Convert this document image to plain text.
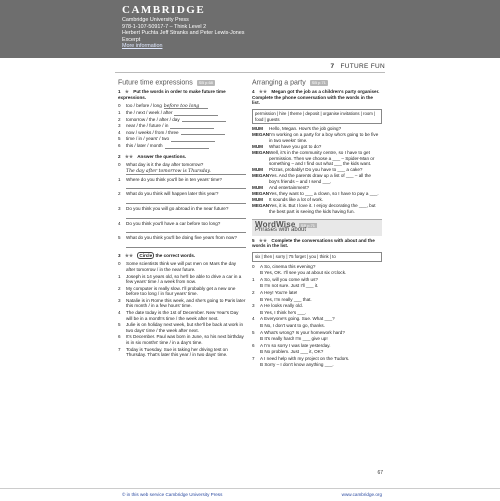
CAMBRIDGE
Cambridge University Press
978-1-107-50917-7 – Think Level 2
Herbert Puchta Jeff Stranks and Peter Lewis-Jones
Excerpt
More information
7 FUTURE FUN
Future time expressions SB p.68
1 ★ Put the words in order to make future time expressions.
0	too / before / long before too long
1	the / next / week / after
2	tomorrow / the / after / day
3	near / the / future / in
4	now / weeks / from / three
5	time / in / years' / two
6	this / later / month
2 ★★ Answer the questions.
0	What day is it the day after tomorrow?
The day after tomorrow is Thursday.
1	Where do you think you'll be in ten years' time?
2	What do you think will happen later this year?
3	Do you think you will go abroad in the near future?
4	Do you think you'll have a car before too long?
5	What do you think you'll be doing five years from now?
3 ★★ Circle the correct words.
0	Some scientists think we will put men on Mars the day after tomorrow / in the near future.
1	Joseph is 14 years old, so he'll be able to drive a car in a few years' time / a week from now.
2	My computer is really slow. I'll probably get a new one before too long / in four years' time.
3	Natalie is in Rome this week, and she's going to Paris later this month / in a few hours' time.
4	The date today is the 1st of December. New Year's Day will be in a month's time / the week after next.
5	Julie is on holiday next week, but she'll be back at work in two days' time / the week after next.
6	It's December. Paul was born in June, so his next birthday is in six months' time / in a day's time.
7	Today is Tuesday. Sue is taking her driving test on Thursday. That's later this year / in two days' time.
Arranging a party SB p.71
4 ★★ Megan got the job as a children's party organiser. Complete the phone conversation with the words in the list.
permission | hire | theme | deposit | organise invitations | room | food | guests
MUM	Hello, Megan. How's the job going?
MEGAN I'm working on a party for a boy who's going to be five in two weeks' time.
MUM	What have you got to do?
MEGAN Well, it's in the community centre, so I have to get permission. Then we choose a ___ – Spider-Man or something – and I find out what ___ the kids want.
MUM	Pizzas, probably! Do you have to ___ a cake?
MEGAN Yes. And the parents draw up a list of ___ – all the boy's friends – and I send ___.
MUM	And entertainment?
MEGAN Yes, they want to ___ a clown, so I have to pay a ___.
MUM	It sounds like a lot of work.
MEGAN Yes, it is. But I love it. I enjoy decorating the ___, but the best part is seeing the kids having fun.
WordWise SB p.71
Phrases with about
5 ★★ Complete the conversations with about and the words in the list.
six | then | sorry | 75 forget | you | think | to
0	A So, cinema this evening?
B Yes, OK. I'll see you at about six o'clock.
1	A So, will you come with us?
B I'm not sure. Just I'll ___ it.
2	A Hey! You're late!
B Yes, I'm really ___ that.
3	A He looks really old.
B Yes, I think he's ___.
4	A Everyone's going. Sue. What ___?
B No, I don't want to go, thanks.
5	A What's wrong? Is your homework hard?
B It's really hard! I'm ___ give up!
6	A I'm so sorry I was late yesterday.
B No problem. Just ___ it, OK?
7	A I need help with my project on the Tudors.
B Sorry – I don't know anything ___.
67
© in this web service Cambridge University Press	www.cambridge.org
